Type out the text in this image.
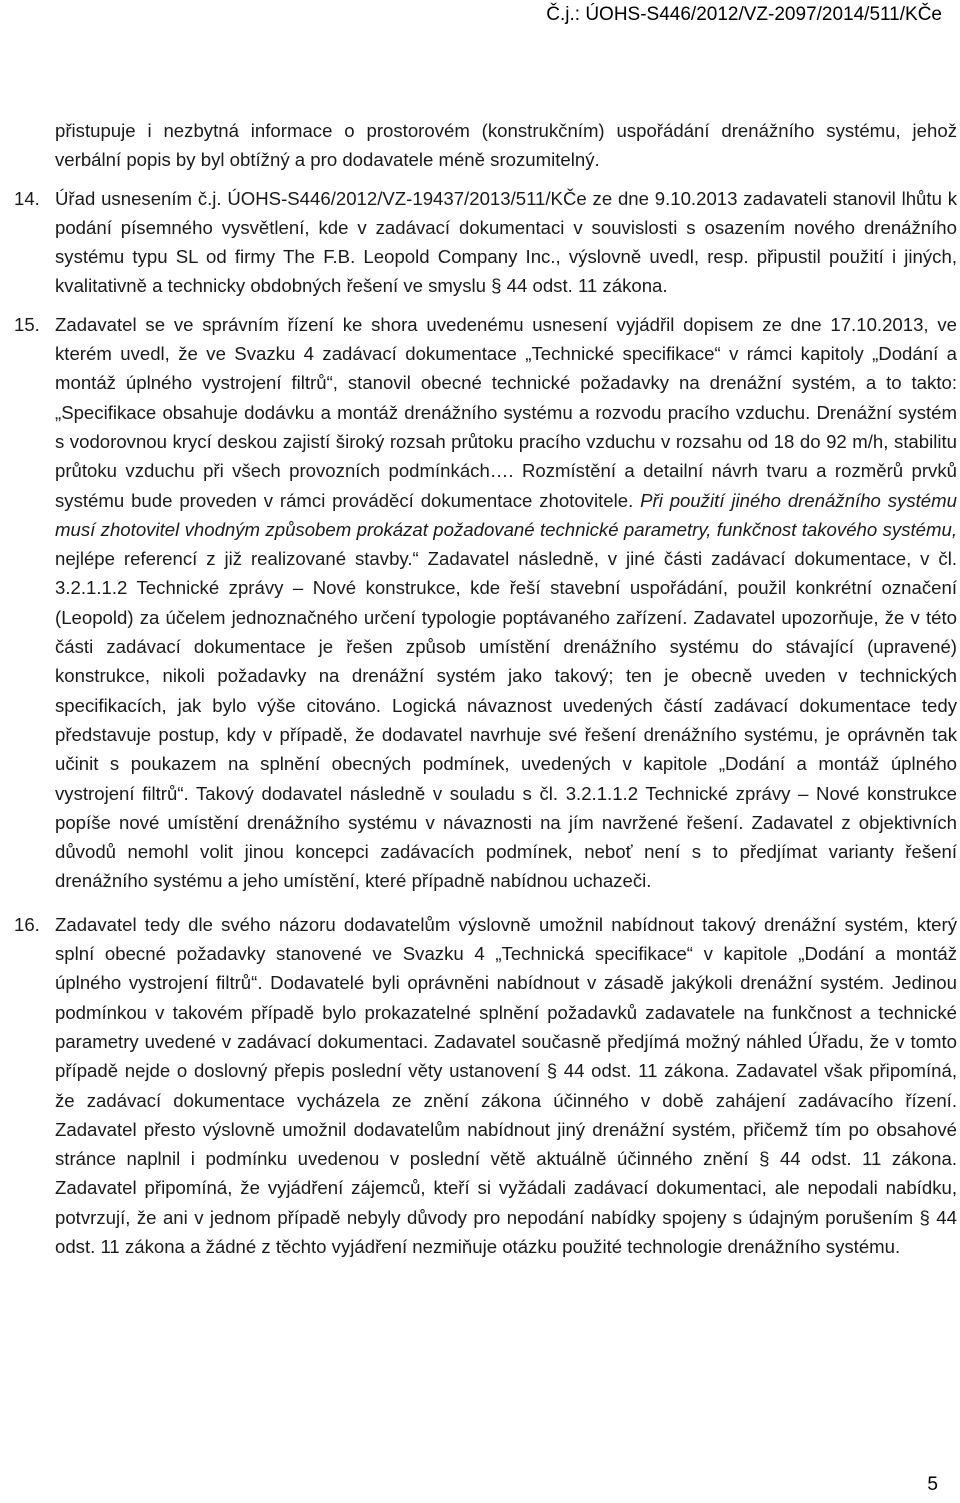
Č.j.: ÚOHS-S446/2012/VZ-2097/2014/511/KČe

přistupuje i nezbytná informace o prostorovém (konstrukčním) uspořádání drenážního systému, jehož verbální popis by byl obtížný a pro dodavatele méně srozumitelný.

14. Úřad usnesením č.j. ÚOHS-S446/2012/VZ-19437/2013/511/KČe ze dne 9.10.2013 zadavateli stanovil lhůtu k podání písemného vysvětlení, kde v zadávací dokumentaci v souvislosti s osazením nového drenážního systému typu SL od firmy The F.B. Leopold Company Inc., výslovně uvedl, resp. připustil použití i jiných, kvalitativně a technicky obdobných řešení ve smyslu § 44 odst. 11 zákona.

15. Zadavatel se ve správním řízení ke shora uvedenému usnesení vyjádřil dopisem ze dne 17.10.2013, ve kterém uvedl, že ve Svazku 4 zadávací dokumentace „Technické specifikace“ v rámci kapitoly „Dodání a montáž úplného vystrojení filtrů“, stanovil obecné technické požadavky na drenážní systém, a to takto: „Specifikace obsahuje dodávku a montáž drenážního systému a rozvodu pracího vzduchu. Drenážní systém s vodorovnou krycí deskou zajistí široký rozsah průtoku pracího vzduchu v rozsahu od 18 do 92 m/h, stabilitu průtoku vzduchu při všech provozních podmínkách…. Rozmístění a detailní návrh tvaru a rozměrů prvků systému bude proveden v rámci prováděcí dokumentace zhotovitele. Při použití jiného drenážního systému musí zhotovitel vhodným způsobem prokázat požadované technické parametry, funkčnost takového systému, nejlépe referencí z již realizované stavby.“ Zadavatel následně, v jiné části zadávací dokumentace, v čl. 3.2.1.1.2 Technické zprávy – Nové konstrukce, kde řeší stavební uspořádání, použil konkrétní označení (Leopold) za účelem jednoznačného určení typologie poptávaného zařízení. Zadavatel upozorňuje, že v této části zadávací dokumentace je řešen způsob umístění drenážního systému do stávající (upravené) konstrukce, nikoli požadavky na drenážní systém jako takový; ten je obecně uveden v technických specifikacích, jak bylo výše citováno. Logická návaznost uvedených částí zadávací dokumentace tedy představuje postup, kdy v případě, že dodavatel navrhuje své řešení drenážního systému, je oprávněn tak učinit s poukazem na splnění obecných podmínek, uvedených v kapitole „Dodání a montáž úplného vystrojení filtrů“. Takový dodavatel následně v souladu s čl. 3.2.1.1.2 Technické zprávy – Nové konstrukce popíše nové umístění drenážního systému v návaznosti na jím navržené řešení. Zadavatel z objektivních důvodů nemohl volit jinou koncepci zadávacích podmínek, neboť není s to předjímat varianty řešení drenážního systému a jeho umístění, které případně nabídnou uchazeči.

16. Zadavatel tedy dle svého názoru dodavatelům výslovně umožnil nabídnout takový drenážní systém, který splní obecné požadavky stanovené ve Svazku 4 „Technická specifikace“ v kapitole „Dodání a montáž úplného vystrojení filtrů“. Dodavatelé byli oprávněni nabídnout v zásadě jakýkoli drenážní systém. Jedinou podmínkou v takovém případě bylo prokazatelné splnění požadavků zadavatele na funkčnost a technické parametry uvedené v zadávací dokumentaci. Zadavatel současně předjímá možný náhled Úřadu, že v tomto případě nejde o doslovný přepis poslední věty ustanovení § 44 odst. 11 zákona. Zadavatel však připomíná, že zadávací dokumentace vycházela ze znění zákona účinného v době zahájení zadávacího řízení. Zadavatel přesto výslovně umožnil dodavatelům nabídnout jiný drenážní systém, přičemž tím po obsahové stránce naplnil i podmínku uvedenou v poslední větě aktuálně účinného znění § 44 odst. 11 zákona. Zadavatel připomíná, že vyjádření zájemců, kteří si vyžádali zadávací dokumentaci, ale nepodali nabídku, potvrzují, že ani v jednom případě nebyly důvody pro nepodání nabídky spojeny s údajným porušením § 44 odst. 11 zákona a žádné z těchto vyjádření nezmiňuje otázku použité technologie drenážního systému.

5
